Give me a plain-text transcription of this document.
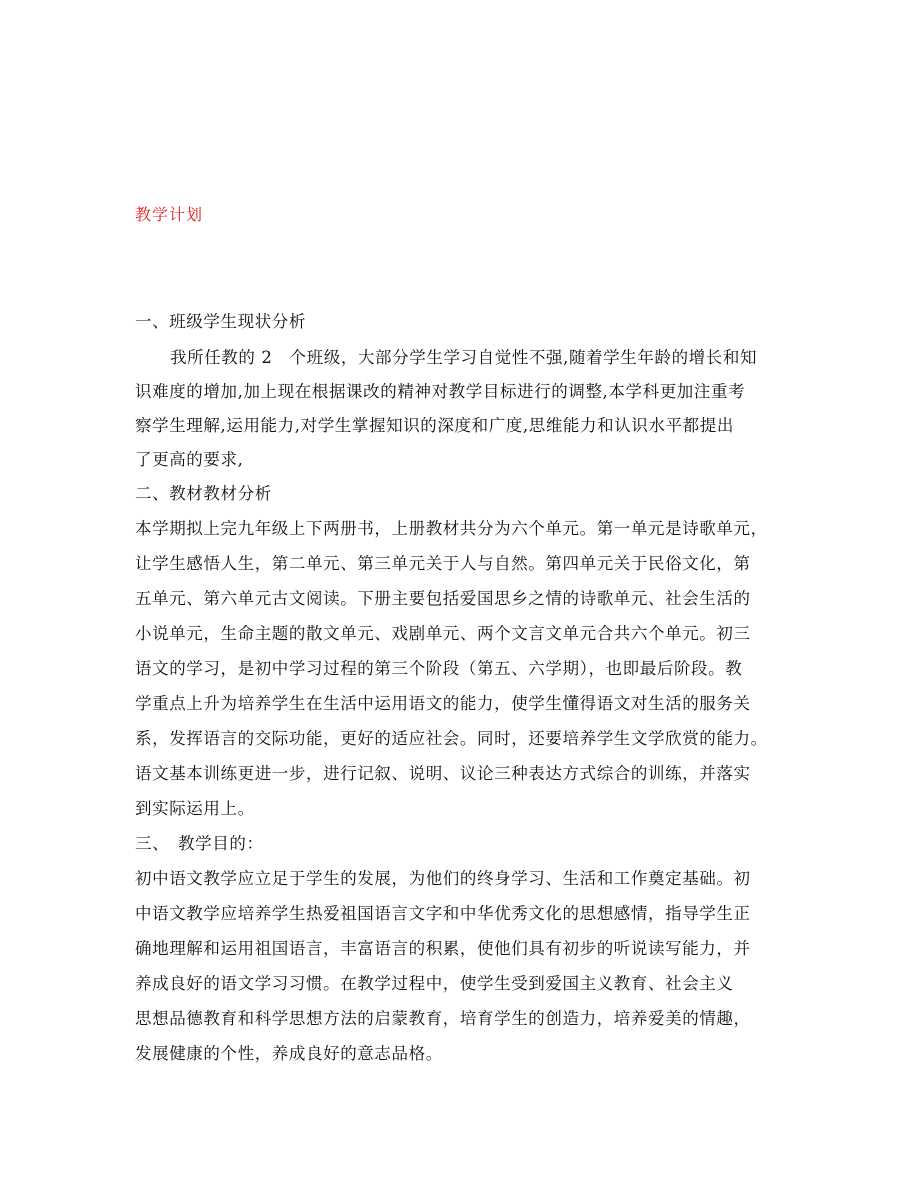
教学计划
一、班级学生现状分析
我所任教的 2　个班级，大部分学生学习自觉性不强,随着学生年龄的增长和知
识难度的增加,加上现在根据课改的精神对教学目标进行的调整,本学科更加注重考
察学生理解,运用能力,对学生掌握知识的深度和广度,思维能力和认识水平都提出
了更高的要求,
二、教材教材分析
本学期拟上完九年级上下两册书，上册教材共分为六个单元。第一单元是诗歌单元，
让学生感悟人生，第二单元、第三单元关于人与自然。第四单元关于民俗文化，第
五单元、第六单元古文阅读。下册主要包括爱国思乡之情的诗歌单元、社会生活的
小说单元，生命主题的散文单元、戏剧单元、两个文言文单元合共六个单元。初三
语文的学习，是初中学习过程的第三个阶段（第五、六学期），也即最后阶段。教
学重点上升为培养学生在生活中运用语文的能力，使学生懂得语文对生活的服务关
系，发挥语言的交际功能，更好的适应社会。同时，还要培养学生文学欣赏的能力。
语文基本训练更进一步，进行记叙、说明、议论三种表达方式综合的训练，并落实
到实际运用上。
三、　教学目的：
初中语文教学应立足于学生的发展，为他们的终身学习、生活和工作奠定基础。初
中语文教学应培养学生热爱祖国语言文字和中华优秀文化的思想感情，指导学生正
确地理解和运用祖国语言，丰富语言的积累，使他们具有初步的听说读写能力，并
养成良好的语文学习习惯。在教学过程中，使学生受到爱国主义教育、社会主义
思想品德教育和科学思想方法的启蒙教育，培育学生的创造力，培养爱美的情趣，
发展健康的个性，养成良好的意志品格。
